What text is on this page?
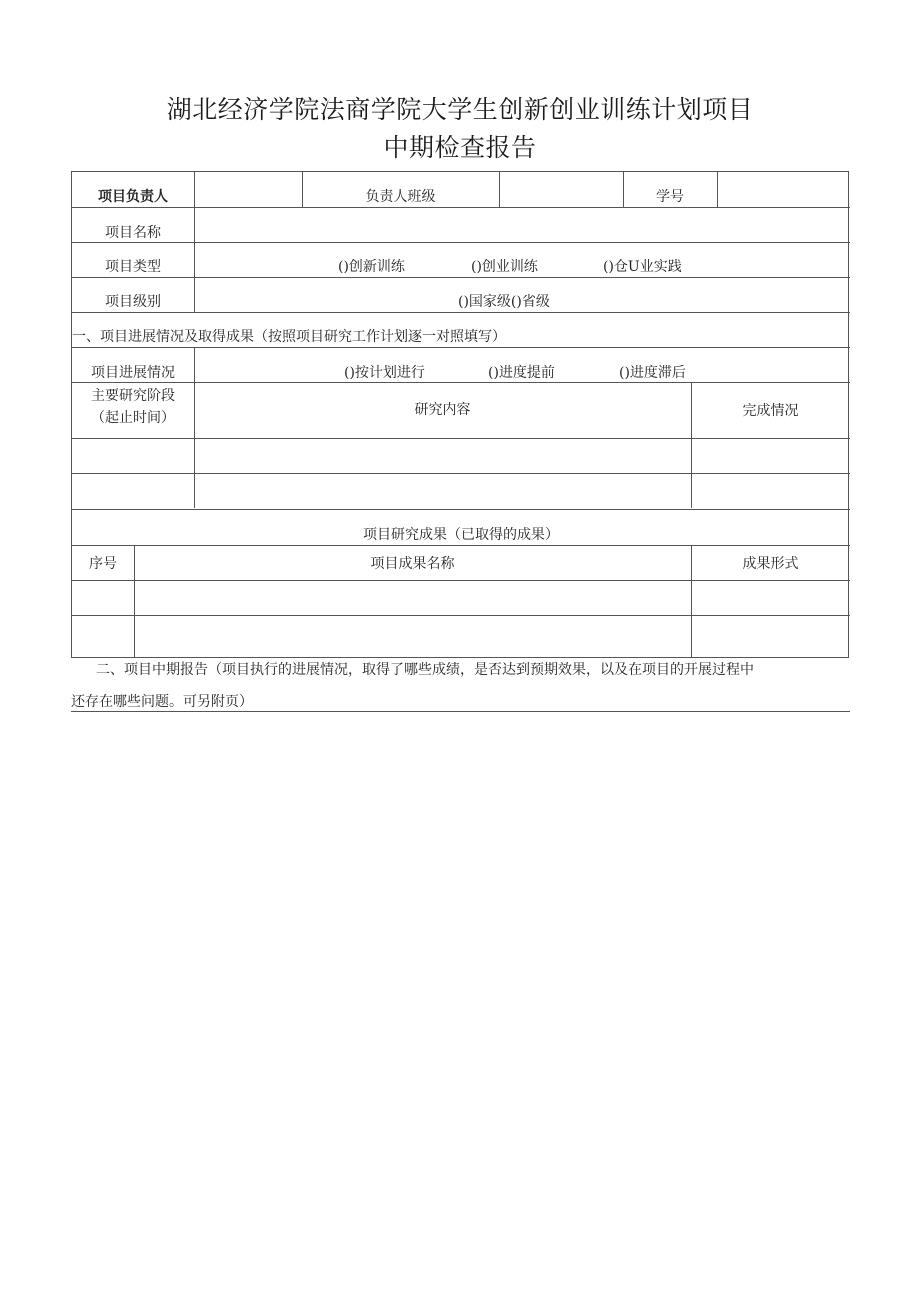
湖北经济学院法商学院大学生创新创业训练计划项目
中期检查报告
项目负责人	负责人班级	学号
项目名称
项目类型	()创新训练	()创业训练	()仓U业实践
项目级别	()国家级()省级
一、项目进展情况及取得成果（按照项目研究工作计划逐一对照填写）
项目进展情况	()按计划进行	()进度提前	()进度滞后
主要研究阶段
（起止时间）	研究内容	完成情况
项目研究成果（已取得的成果）
序号	项目成果名称	成果形式
二、项目中期报告（项目执行的进展情况，取得了哪些成绩，是否达到预期效果，以及在项目的开展过程中
还存在哪些问题。可另附页）
